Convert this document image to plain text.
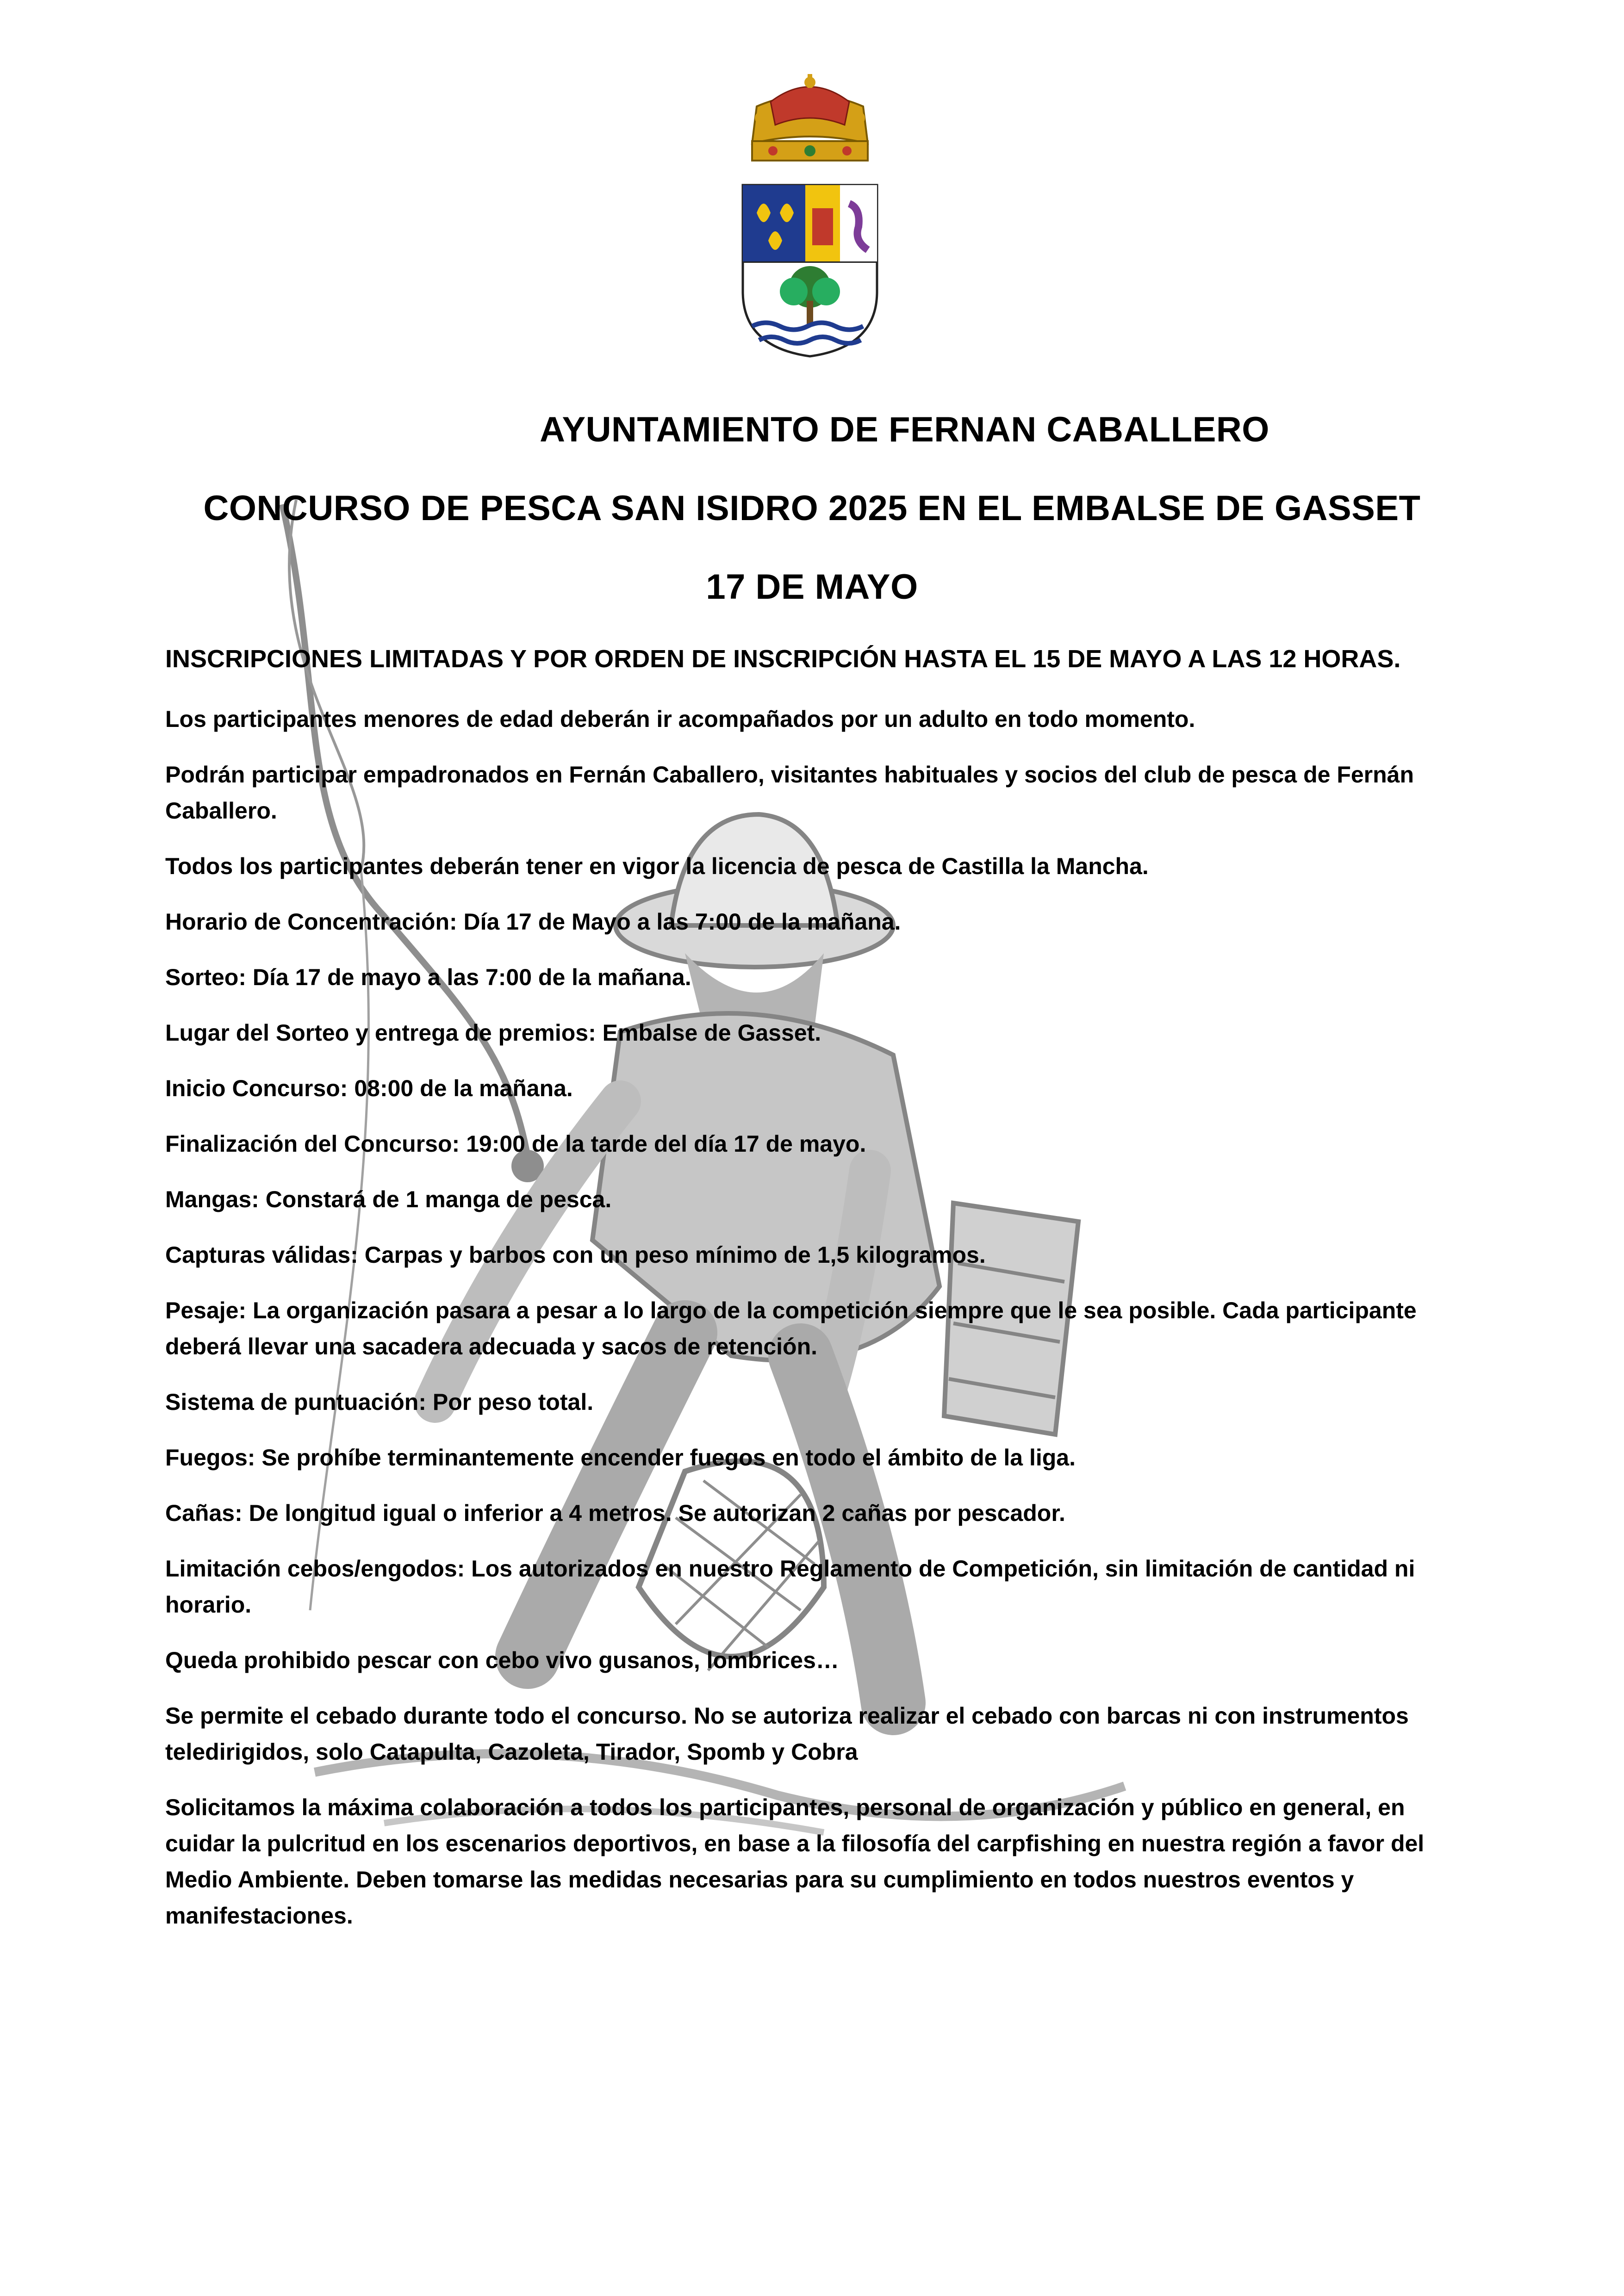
AYUNTAMIENTO DE FERNAN CABALLERO
CONCURSO DE PESCA SAN ISIDRO 2025 EN EL EMBALSE DE GASSET
17 DE MAYO

INSCRIPCIONES LIMITADAS Y POR ORDEN DE INSCRIPCIÓN HASTA EL 15 DE MAYO A LAS 12 HORAS.

Los participantes menores de edad deberán ir acompañados por un adulto en todo momento.

Podrán participar empadronados en Fernán Caballero, visitantes habituales y socios del club de pesca de Fernán Caballero.

Todos los participantes deberán tener en vigor la licencia de pesca de Castilla la Mancha.

Horario de Concentración: Día 17 de Mayo a las 7:00 de la mañana.

Sorteo: Día 17 de mayo a las 7:00 de la mañana.

Lugar del Sorteo y entrega de premios: Embalse de Gasset.

Inicio Concurso: 08:00 de la mañana.

Finalización del Concurso: 19:00 de la tarde del día 17 de mayo.

Mangas: Constará de 1 manga de pesca.

Capturas válidas: Carpas y barbos con un peso mínimo de 1,5 kilogramos.

Pesaje: La organización pasara a pesar a lo largo de la competición siempre que le sea posible. Cada participante deberá llevar una sacadera adecuada y sacos de retención.

Sistema de puntuación: Por peso total.

Fuegos: Se prohíbe terminantemente encender fuegos en todo el ámbito de la liga.

Cañas: De longitud igual o inferior a 4 metros. Se autorizan 2 cañas por pescador.

Limitación cebos/engodos: Los autorizados en nuestro Reglamento de Competición, sin limitación de cantidad ni horario.

Queda prohibido pescar con cebo vivo gusanos, lombrices…

Se permite el cebado durante todo el concurso. No se autoriza realizar el cebado con barcas ni con instrumentos teledirigidos, solo Catapulta, Cazoleta, Tirador, Spomb y Cobra

Solicitamos la máxima colaboración a todos los participantes, personal de organización y público en general, en cuidar la pulcritud en los escenarios deportivos, en base a la filosofía del carpfishing en nuestra región a favor del Medio Ambiente. Deben tomarse las medidas necesarias para su cumplimiento en todos nuestros eventos y manifestaciones.
